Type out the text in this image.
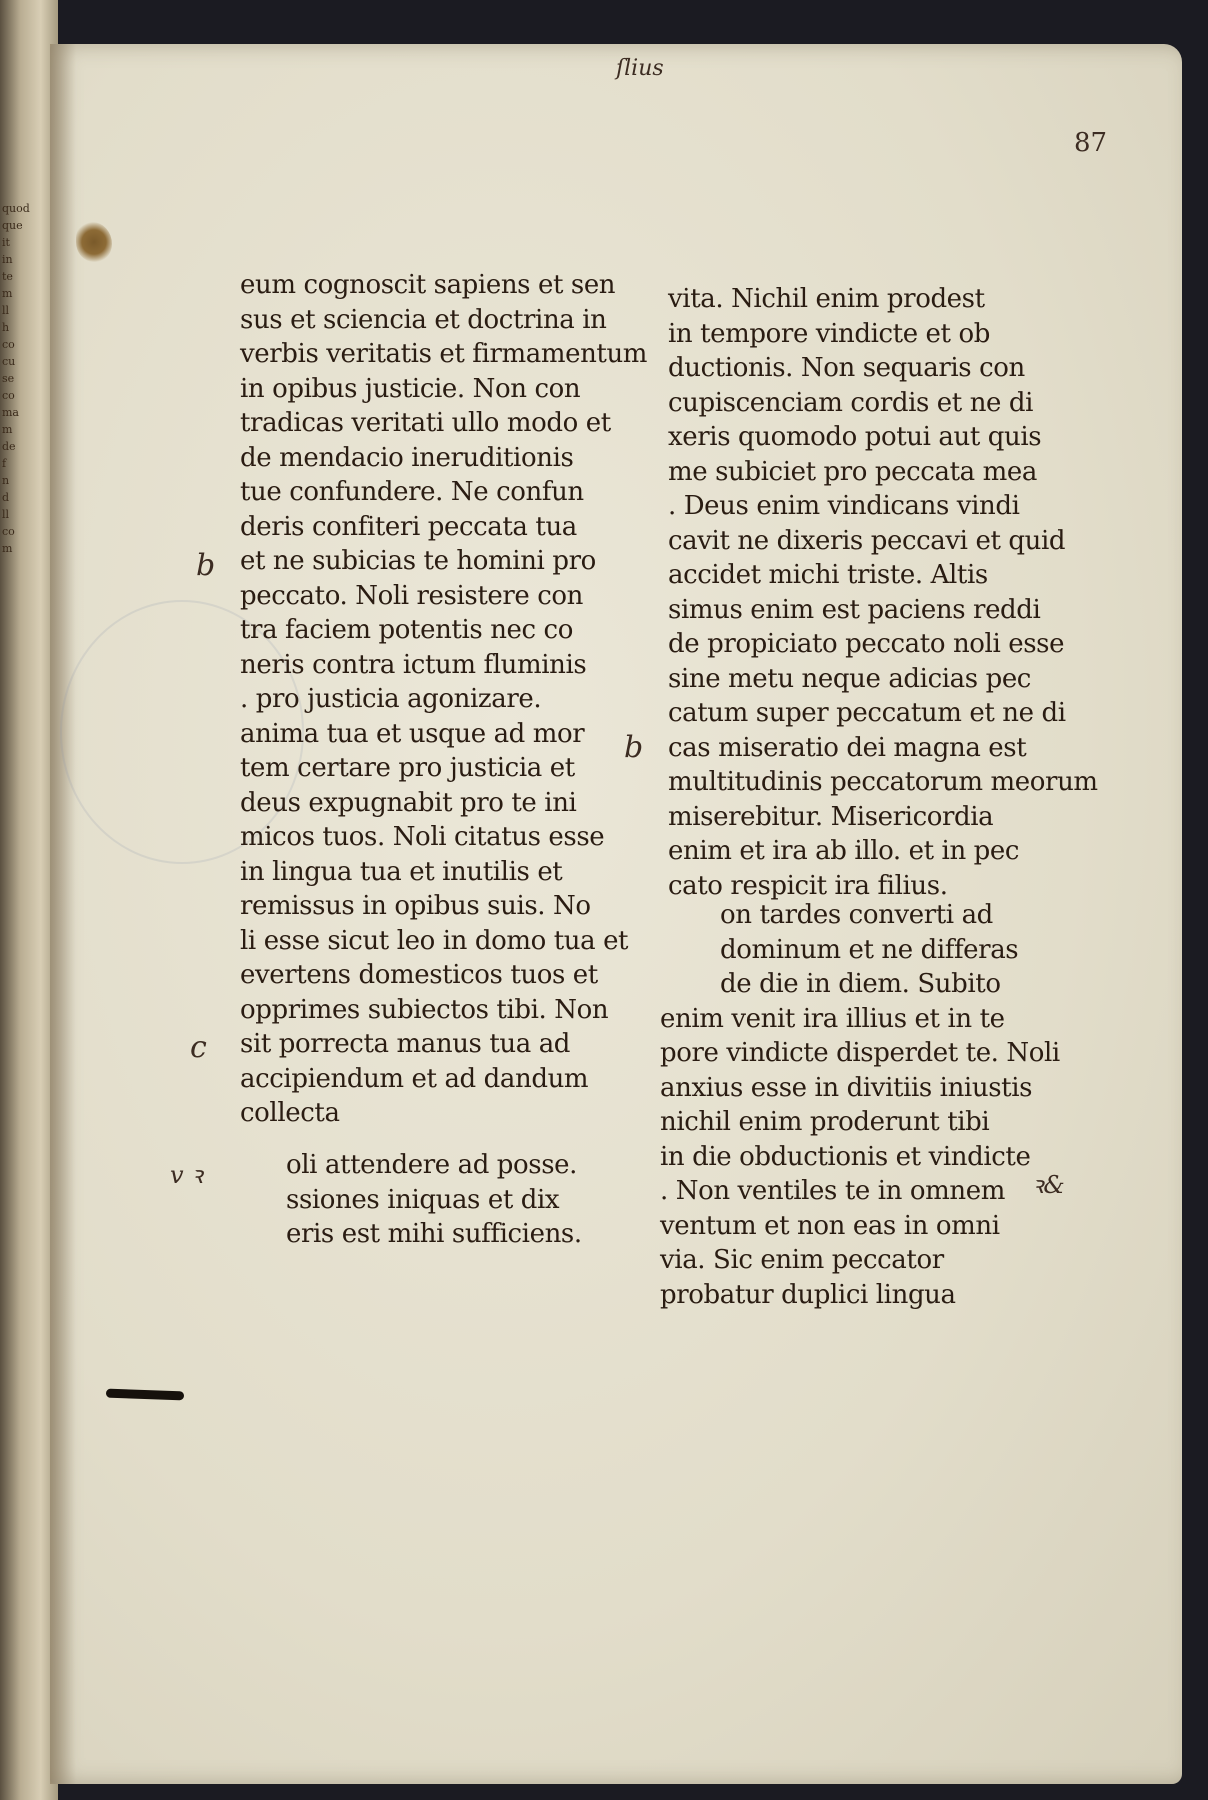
quod
que
it
in
te
m
ll
h
co
cu
se
co
ma
m
de
f
n
d
ll
co
m
ſlius
87
b
c
b
v ꝛ	ꝛ&
eum cognoscit sapiens et sen
sus et sciencia et doctrina in
verbis veritatis et firmamentum
in opibus justicie. Non con
tradicas veritati ullo modo et
de mendacio ineruditionis
tue confundere. Ne confun
deris confiteri peccata tua
et ne subicias te homini pro
peccato. Noli resistere con
tra faciem potentis nec co
neris contra ictum fluminis
. pro justicia agonizare.
anima tua et usque ad mor
tem certare pro justicia et
deus expugnabit pro te ini
micos tuos. Noli citatus esse
in lingua tua et inutilis et
remissus in opibus suis. No
li esse sicut leo in domo tua et
evertens domesticos tuos et
opprimes subiectos tibi. Non
sit porrecta manus tua ad
accipiendum et ad dandum
collecta
oli attendere ad posse.
ssiones iniquas et dix
eris est mihi sufficiens.
vita. Nichil enim prodest
in tempore vindicte et ob
ductionis. Non sequaris con
cupiscenciam cordis et ne di
xeris quomodo potui aut quis
me subiciet pro peccata mea
. Deus enim vindicans vindi
cavit ne dixeris peccavi et quid
accidet michi triste. Altis
simus enim est paciens reddi
de propiciato peccato noli esse
sine metu neque adicias pec
catum super peccatum et ne di
cas miseratio dei magna est
multitudinis peccatorum meorum
miserebitur. Misericordia
enim et ira ab illo. et in pec
cato respicit ira filius.
on tardes converti ad
dominum et ne differas
de die in diem. Subito
enim venit ira illius et in te
pore vindicte disperdet te. Noli
anxius esse in divitiis iniustis
nichil enim proderunt tibi
in die obductionis et vindicte
. Non ventiles te in omnem
ventum et non eas in omni
via. Sic enim peccator
probatur duplici lingua
